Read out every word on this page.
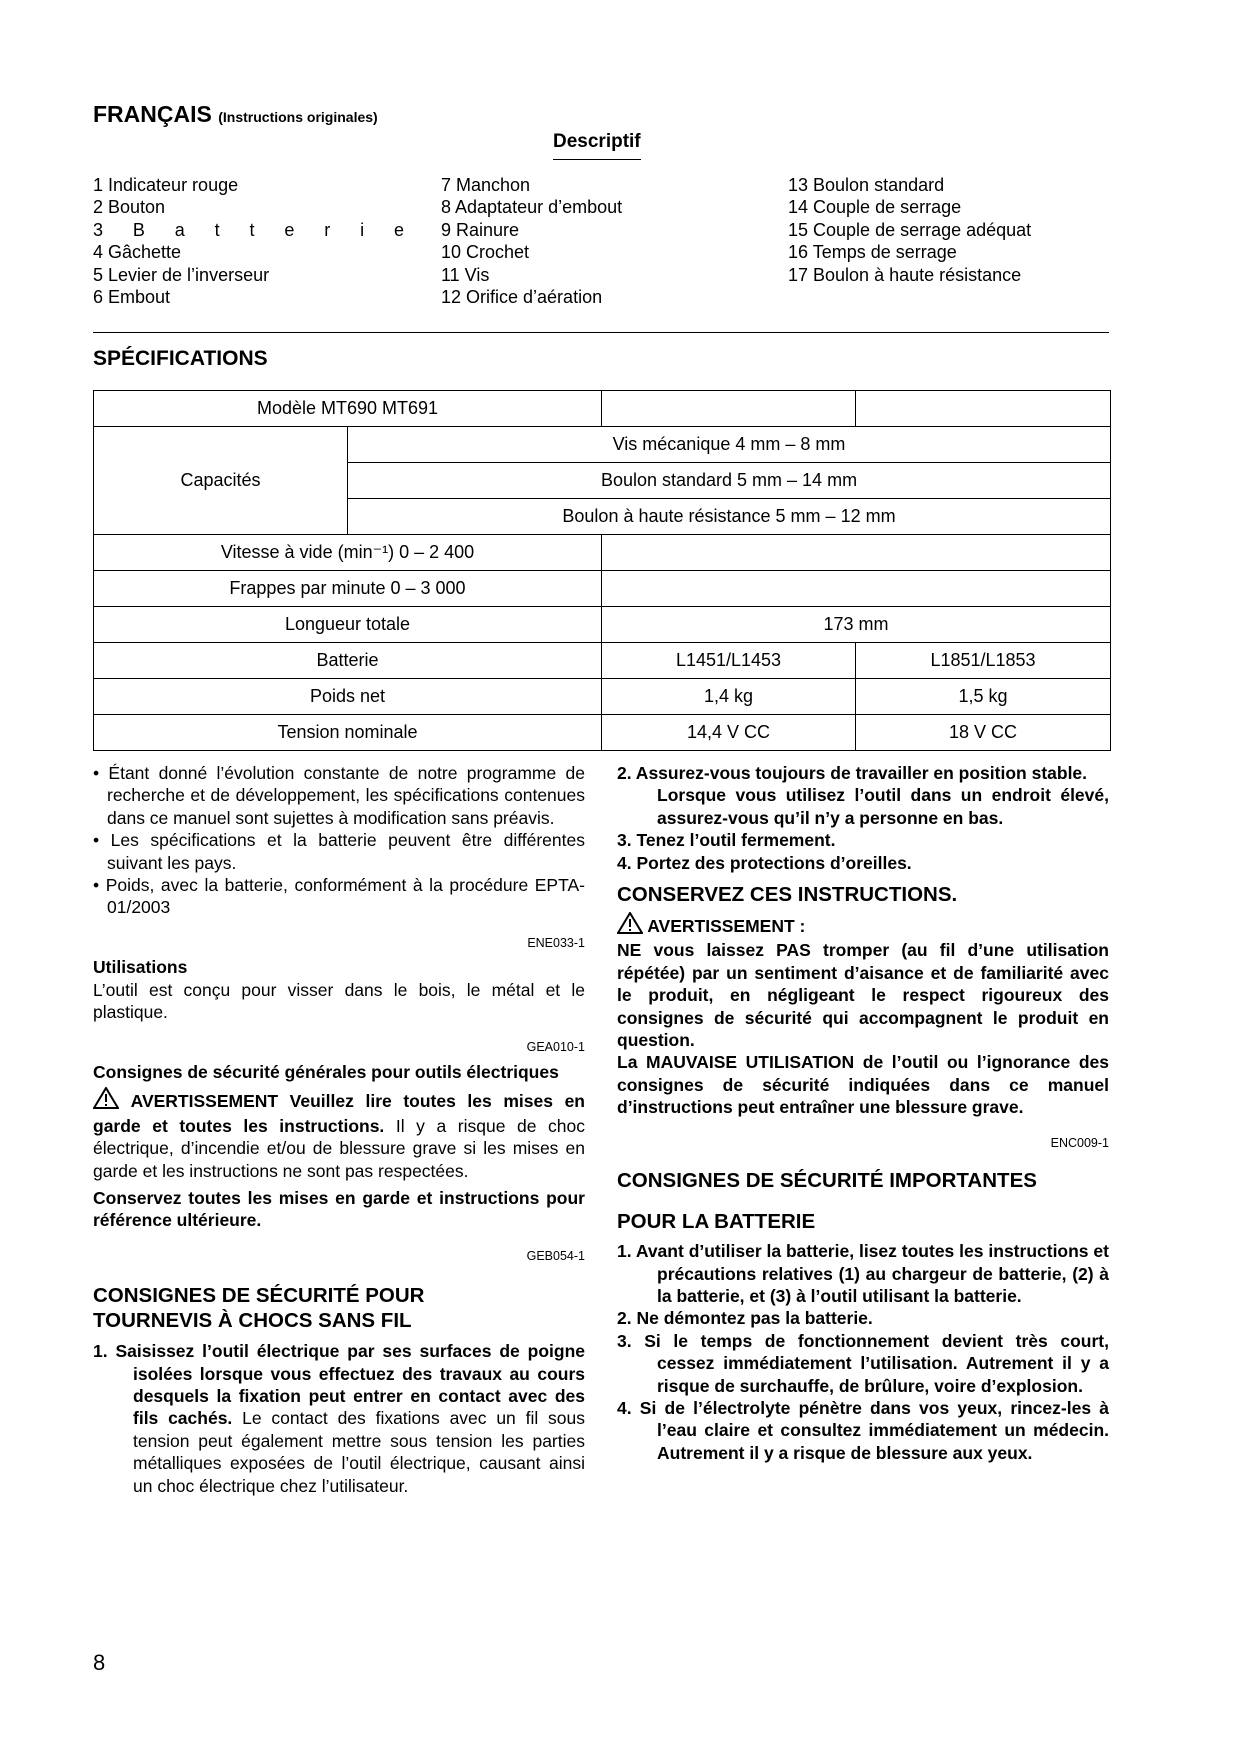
FRANÇAIS (Instructions originales)
Descriptif
1 Indicateur rouge
2 Bouton
3 B a t t e r i e
4 Gâchette
5 Levier de l’inverseur
6 Embout
7 Manchon
8 Adaptateur d’embout
9 Rainure
10 Crochet
11 Vis
12 Orifice d’aération
13 Boulon standard
14 Couple de serrage
15 Couple de serrage adéquat
16 Temps de serrage
17 Boulon à haute résistance
SPÉCIFICATIONS
Modèle MT690 MT691			
Capacités	Vis mécanique 4 mm – 8 mm		
	Boulon standard 5 mm – 14 mm		
	Boulon à haute résistance 5 mm – 12 mm		
Vitesse à vide (min⁻¹) 0 – 2 400			
Frappes par minute 0 – 3 000			
Longueur totale		173 mm	
Batterie		L1451/L1453	L1851/L1853
Poids net		1,4 kg	1,5 kg
Tension nominale		14,4 V CC	18 V CC

• Étant donné l’évolution constante de notre programme de recherche et de développement, les spécifications contenues dans ce manuel sont sujettes à modification sans préavis.

• Les spécifications et la batterie peuvent être différentes suivant les pays.

• Poids, avec la batterie, conformément à la procédure EPTA-01/2003

ENE033-1

Utilisations

L’outil est conçu pour visser dans le bois, le métal et le plastique.

GEA010-1

Consignes de sécurité générales pour outils électriques

AVERTISSEMENT Veuillez lire toutes les mises en garde et toutes les instructions. Il y a risque de choc électrique, d’incendie et/ou de blessure grave si les mises en garde et les instructions ne sont pas respectées.

Conservez toutes les mises en garde et instructions pour référence ultérieure.

GEB054-1

CONSIGNES DE SÉCURITÉ POUR

TOURNEVIS À CHOCS SANS FIL

1. Saisissez l’outil électrique par ses surfaces de poigne isolées lorsque vous effectuez des travaux au cours desquels la fixation peut entrer en contact avec des fils cachés. Le contact des fixations avec un fil sous tension peut également mettre sous tension les parties métalliques exposées de l’outil électrique, causant ainsi un choc électrique chez l’utilisateur.

2. Assurez-vous toujours de travailler en position stable.
Lorsque vous utilisez l’outil dans un endroit élevé, assurez-vous qu’il n’y a personne en bas.

3. Tenez l’outil fermement.

4. Portez des protections d’oreilles.

CONSERVEZ CES INSTRUCTIONS.

AVERTISSEMENT :

NE vous laissez PAS tromper (au fil d’une utilisation répétée) par un sentiment d’aisance et de familiarité avec le produit, en négligeant le respect rigoureux des consignes de sécurité qui accompagnent le produit en question.

La MAUVAISE UTILISATION de l’outil ou l’ignorance des consignes de sécurité indiquées dans ce manuel d’instructions peut entraîner une blessure grave.

ENC009-1

CONSIGNES DE SÉCURITÉ IMPORTANTES

POUR LA BATTERIE

1. Avant d’utiliser la batterie, lisez toutes les instructions et précautions relatives (1) au chargeur de batterie, (2) à la batterie, et (3) à l’outil utilisant la batterie.

2. Ne démontez pas la batterie.

3. Si le temps de fonctionnement devient très court, cessez immédiatement l’utilisation. Autrement il y a risque de surchauffe, de brûlure, voire d’explosion.

4. Si de l’électrolyte pénètre dans vos yeux, rincez-les à l’eau claire et consultez immédiatement un médecin. Autrement il y a risque de blessure aux yeux.

8
